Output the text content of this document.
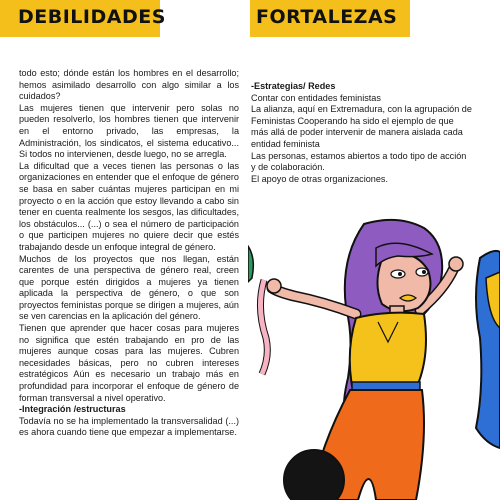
DEBILIDADES	FORTALEZAS

todo esto; dónde están los hombres en el desarrollo; hemos asimilado desarrollo con algo similar a los cuidados?

Las mujeres tienen que intervenir pero solas no pueden resolverlo, los hombres tienen que intervenir en el entorno privado, las empresas, la Administración, los sindicatos, el sistema educativo... Si todos no intervienen, desde luego, no se arregla.

La dificultad que a veces tienen las personas o las organizaciones en entender que el enfoque de género se basa en saber cuántas mujeres participan en mi proyecto o en la acción que estoy llevando a cabo sin tener en cuenta realmente los sesgos, las dificultades, los obstáculos... (...) o sea el número de participación o que participen mujeres no quiere decir que estés trabajando desde un enfoque integral de género.

Muchos de los proyectos que nos llegan, están carentes de una perspectiva de género real, creen que porque estén dirigidos a mujeres ya tienen aplicada la perspectiva de género, o que son proyectos feministas porque se dirigen a mujeres, aún se ven carencias en la aplicación del género.

Tienen que aprender que hacer cosas para mujeres no significa que estén trabajando en pro de las mujeres aunque cosas para las mujeres. Cubren necesidades básicas, pero no cubren intereses estratégicos Aún es necesario un trabajo más en profundidad para incorporar el enfoque de género de forman transversal a nivel operativo.

-Integración /estructuras

Todavía no se ha implementado la transversalidad (...) es ahora cuando tiene que empezar a implementarse.

-Estrategias/ Redes

Contar con entidades feministas

La alianza, aquí en Extremadura, con la agrupación de Feministas Cooperando ha sido el ejemplo de que más allá de poder intervenir de manera aislada cada entidad feminista

Las personas, estamos abiertos a todo tipo de acción y de colaboración.

El apoyo de otras organizaciones.
